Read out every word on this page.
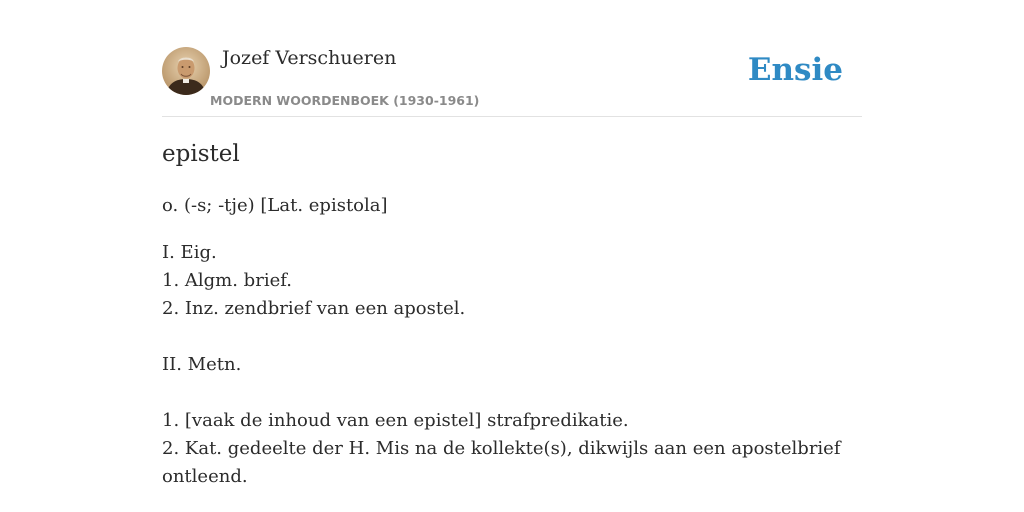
Jozef Verschueren
MODERN WOORDENBOEK (1930-1961)
Ensie
epistel

o. (-s; -tje) [Lat. epistola]

I. Eig.
1. Algm. brief.
2. Inz. zendbrief van een apostel.
II. Metn.
1. [vaak de inhoud van een epistel] strafpredikatie.
2. Kat. gedeelte der H. Mis na de kollekte(s), dikwijls aan een apostelbrief ontleend.
